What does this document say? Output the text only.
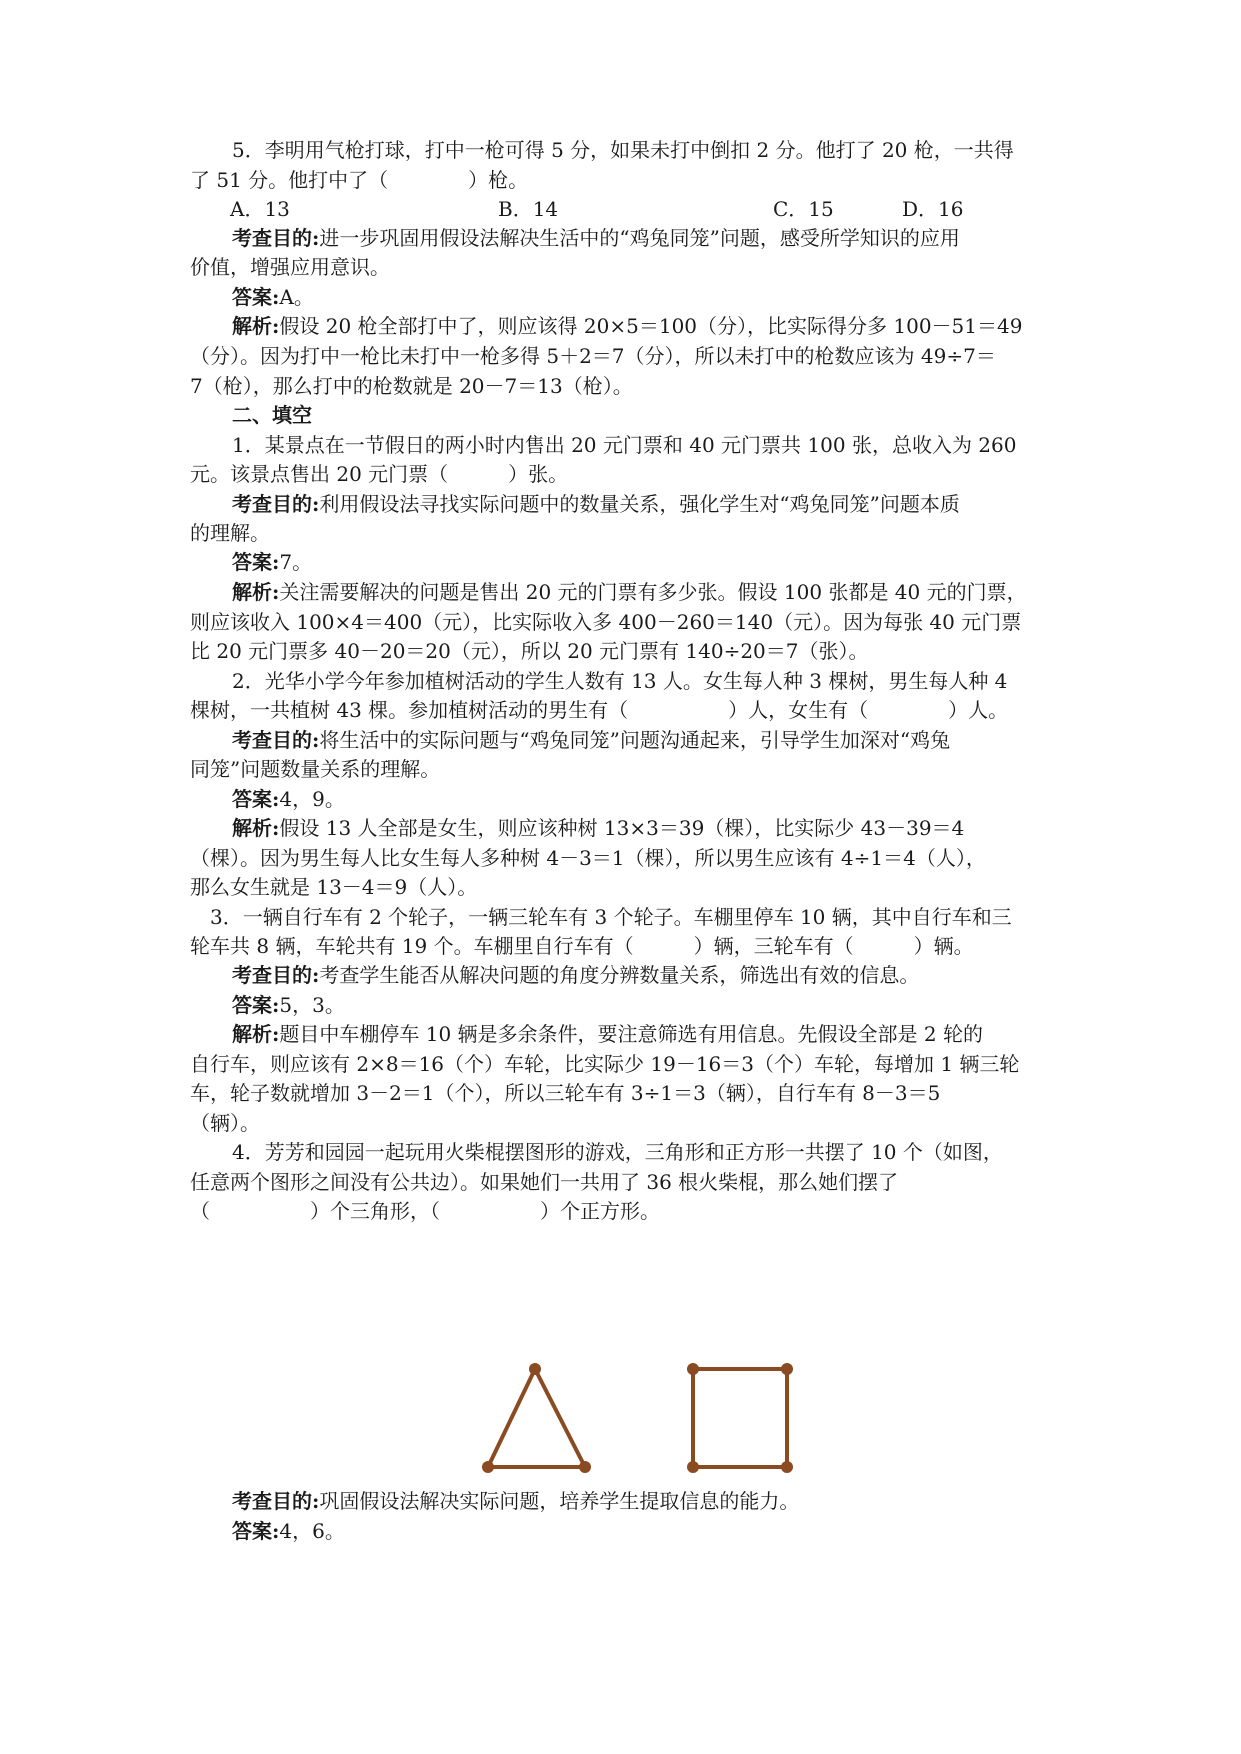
5．李明用气枪打球，打中一枪可得 5 分，如果未打中倒扣 2 分。他打了 20 枪，一共得
了 51 分。他打中了（　　　　）枪。
A．13	B．14	C．15	D．16
考查目的:进一步巩固用假设法解决生活中的“鸡兔同笼”问题，感受所学知识的应用
价值，增强应用意识。
答案:A。
解析:假设 20 枪全部打中了，则应该得 20×5＝100（分），比实际得分多 100－51＝49
（分）。因为打中一枪比未打中一枪多得 5＋2＝7（分），所以未打中的枪数应该为 49÷7＝
7（枪），那么打中的枪数就是 20－7＝13（枪）。
二、填空
1．某景点在一节假日的两小时内售出 20 元门票和 40 元门票共 100 张，总收入为 260
元。该景点售出 20 元门票（　　　）张。
考查目的:利用假设法寻找实际问题中的数量关系，强化学生对“鸡兔同笼”问题本质
的理解。
答案:7。
解析:关注需要解决的问题是售出 20 元的门票有多少张。假设 100 张都是 40 元的门票，
则应该收入 100×4＝400（元），比实际收入多 400－260＝140（元）。因为每张 40 元门票
比 20 元门票多 40－20＝20（元），所以 20 元门票有 140÷20＝7（张）。
2．光华小学今年参加植树活动的学生人数有 13 人。女生每人种 3 棵树，男生每人种 4
棵树，一共植树 43 棵。参加植树活动的男生有（　　　　　）人，女生有（　　　　）人。
考查目的:将生活中的实际问题与“鸡兔同笼”问题沟通起来，引导学生加深对“鸡兔
同笼”问题数量关系的理解。
答案:4，9。
解析:假设 13 人全部是女生，则应该种树 13×3＝39（棵），比实际少 43－39＝4
（棵）。因为男生每人比女生每人多种树 4－3＝1（棵），所以男生应该有 4÷1＝4（人），
那么女生就是 13－4＝9（人）。
3．一辆自行车有 2 个轮子，一辆三轮车有 3 个轮子。车棚里停车 10 辆，其中自行车和三
轮车共 8 辆，车轮共有 19 个。车棚里自行车有（　　　）辆，三轮车有（　　　）辆。
考查目的:考查学生能否从解决问题的角度分辨数量关系，筛选出有效的信息。
答案:5，3。
解析:题目中车棚停车 10 辆是多余条件，要注意筛选有用信息。先假设全部是 2 轮的
自行车，则应该有 2×8＝16（个）车轮，比实际少 19－16＝3（个）车轮，每增加 1 辆三轮
车，轮子数就增加 3－2＝1（个），所以三轮车有 3÷1＝3（辆），自行车有 8－3＝5
（辆）。
4．芳芳和园园一起玩用火柴棍摆图形的游戏，三角形和正方形一共摆了 10 个（如图，
任意两个图形之间没有公共边）。如果她们一共用了 36 根火柴棍，那么她们摆了
（　　　　　）个三角形，（　　　　　）个正方形。
考查目的:巩固假设法解决实际问题，培养学生提取信息的能力。
答案:4，6。
